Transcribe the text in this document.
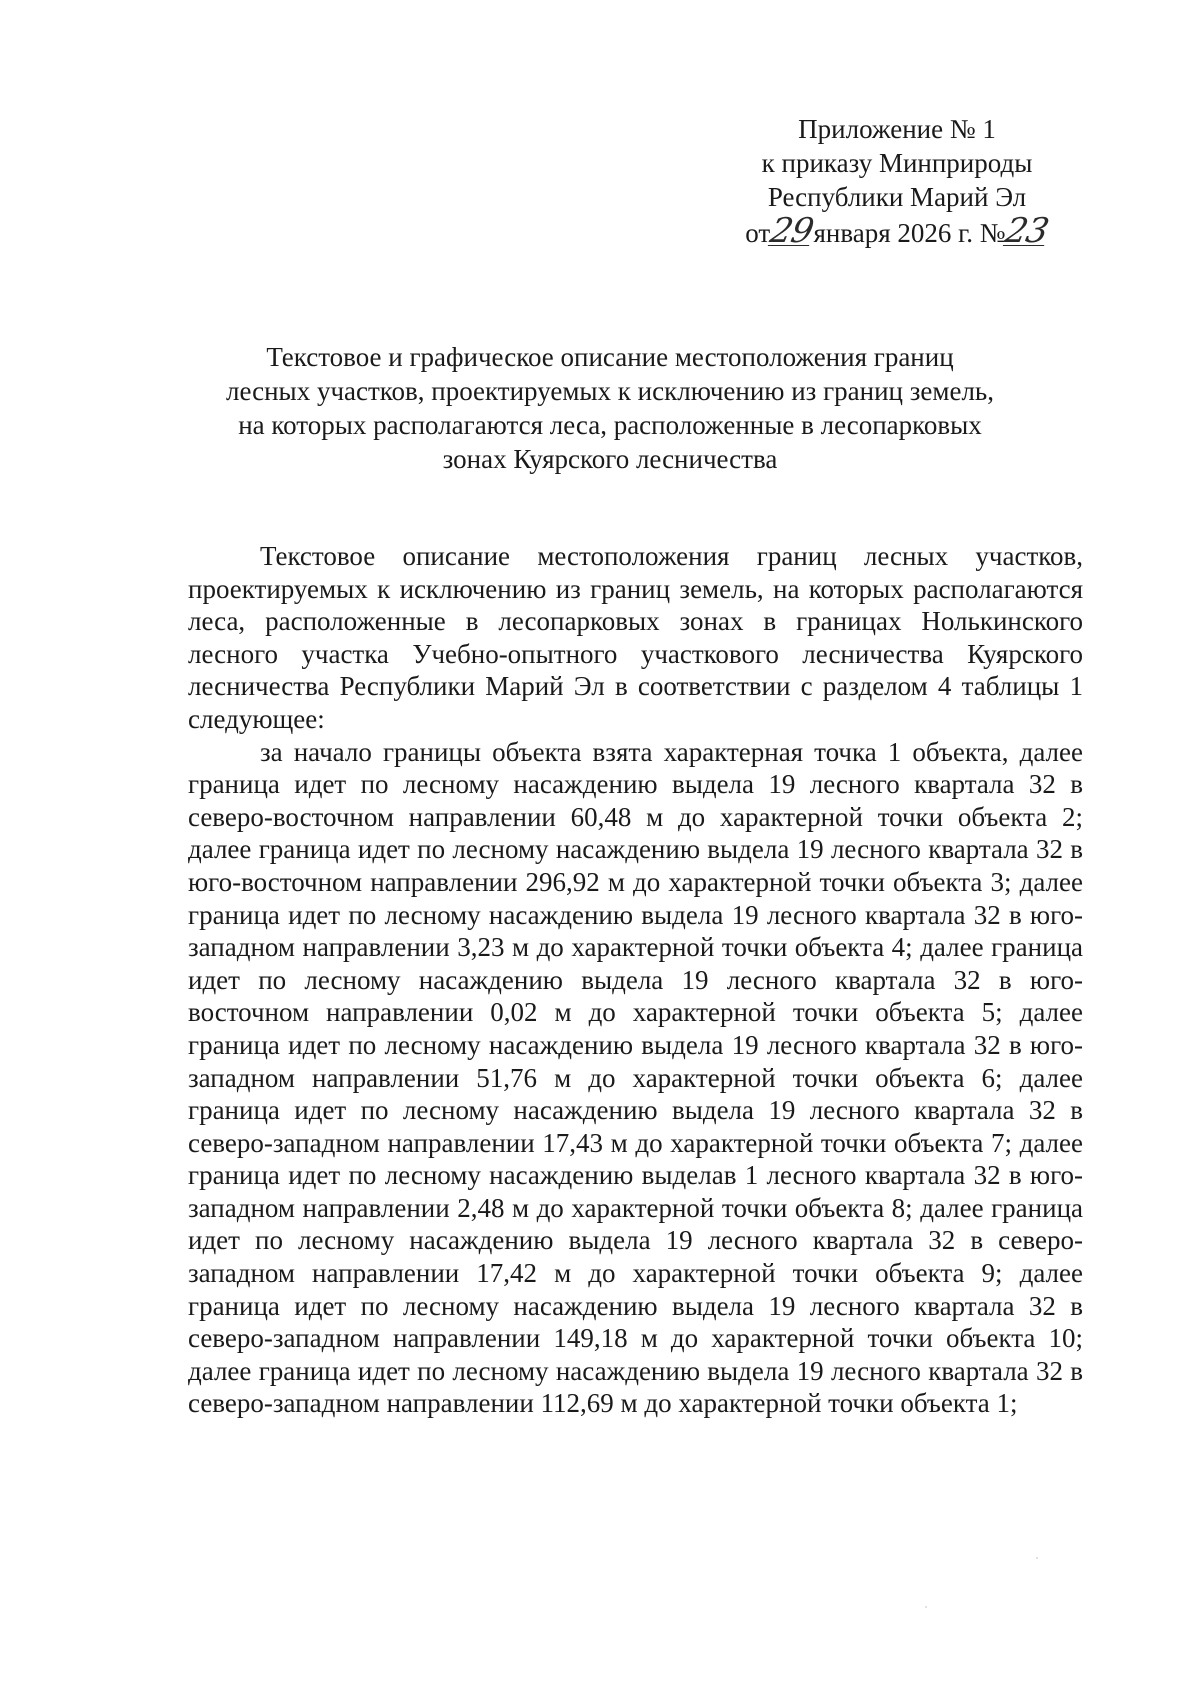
Приложение № 1
к приказу Минприроды
Республики Марий Эл
от29января 2026 г. №23
Текстовое и графическое описание местоположения границ
лесных участков, проектируемых к исключению из границ земель,
на которых располагаются леса, расположенные в лесопарковых
зонах Куярского лесничества

Текстовое описание местоположения границ лесных участков, проектируемых к исключению из границ земель, на которых располагаются леса, расположенные в лесопарковых зонах в границах Нолькинского лесного участка Учебно-опытного участкового лесничества Куярского лесничества Республики Марий Эл в соответствии с разделом 4 таблицы 1 следующее:

за начало границы объекта взята характерная точка 1 объекта, далее граница идет по лесному насаждению выдела 19 лесного квартала 32 в северо-восточном направлении 60,48 м до характерной точки объекта 2; далее граница идет по лесному насаждению выдела 19 лесного квартала 32 в юго-восточном направлении 296,92 м до характерной точки объекта 3; далее граница идет по лесному насаждению выдела 19 лесного квартала 32 в юго-западном направлении 3,23 м до характерной точки объекта 4; далее граница идет по лесному насаждению выдела 19 лесного квартала 32 в юго-восточном направлении 0,02 м до характерной точки объекта 5; далее граница идет по лесному насаждению выдела 19 лесного квартала 32 в юго-западном направлении 51,76 м до характерной точки объекта 6; далее граница идет по лесному насаждению выдела 19 лесного квартала 32 в северо-западном направлении 17,43 м до характерной точки объекта 7; далее граница идет по лесному насаждению выделав 1 лесного квартала 32 в юго-западном направлении 2,48 м до характерной точки объекта 8; далее граница идет по лесному насаждению выдела 19 лесного квартала 32 в северо-западном направлении 17,42 м до характерной точки объекта 9; далее граница идет по лесному насаждению выдела 19 лесного квартала 32 в северо-западном направлении 149,18 м до характерной точки объекта 10; далее граница идет по лесному насаждению выдела 19 лесного квартала 32 в северо-западном направлении 112,69 м до характерной точки объекта 1;
